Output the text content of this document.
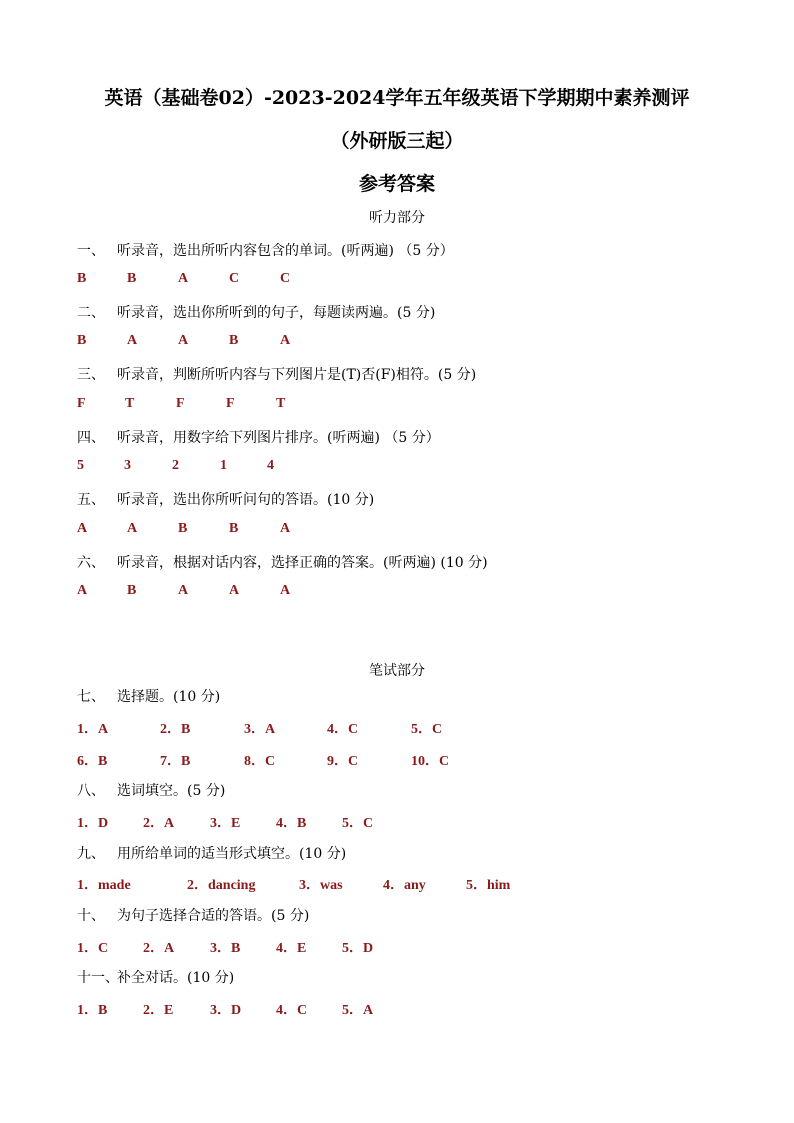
英语（基础卷02）-2023-2024学年五年级英语下学期期中素养测评
（外研版三起）
参考答案
听力部分
一、 听录音，选出所听内容包含的单词。(听两遍) （5 分）
B	B	A	C	C
二、 听录音，选出你所听到的句子，每题读两遍。(5 分)
B	A	A	B	A
三、 听录音，判断所听内容与下列图片是(T)否(F)相符。(5 分)
F	T	F	F	T
四、 听录音，用数字给下列图片排序。(听两遍) （5 分）
5	3	2	1	4
五、 听录音，选出你所听问句的答语。(10 分)
A	A	B	B	A
六、 听录音，根据对话内容，选择正确的答案。(听两遍) (10 分)
A	B	A	A	A
笔试部分
七、 选择题。(10 分)
1．A	2．B	3．A	4．C	5．C
6．B	7．B	8．C	9．C	10．C
八、 选词填空。(5 分)
1．D 2．A	3．E	4．B	5．C
九、 用所给单词的适当形式填空。(10 分)
1．made	2．dancing	3．was	4．any	5．him
十、 为句子选择合适的答语。(5 分)
1．C 2．A	3．B	4．E	5．D
十一、补全对话。(10 分)
1．B	2．E	3．D 4．C 5．A
